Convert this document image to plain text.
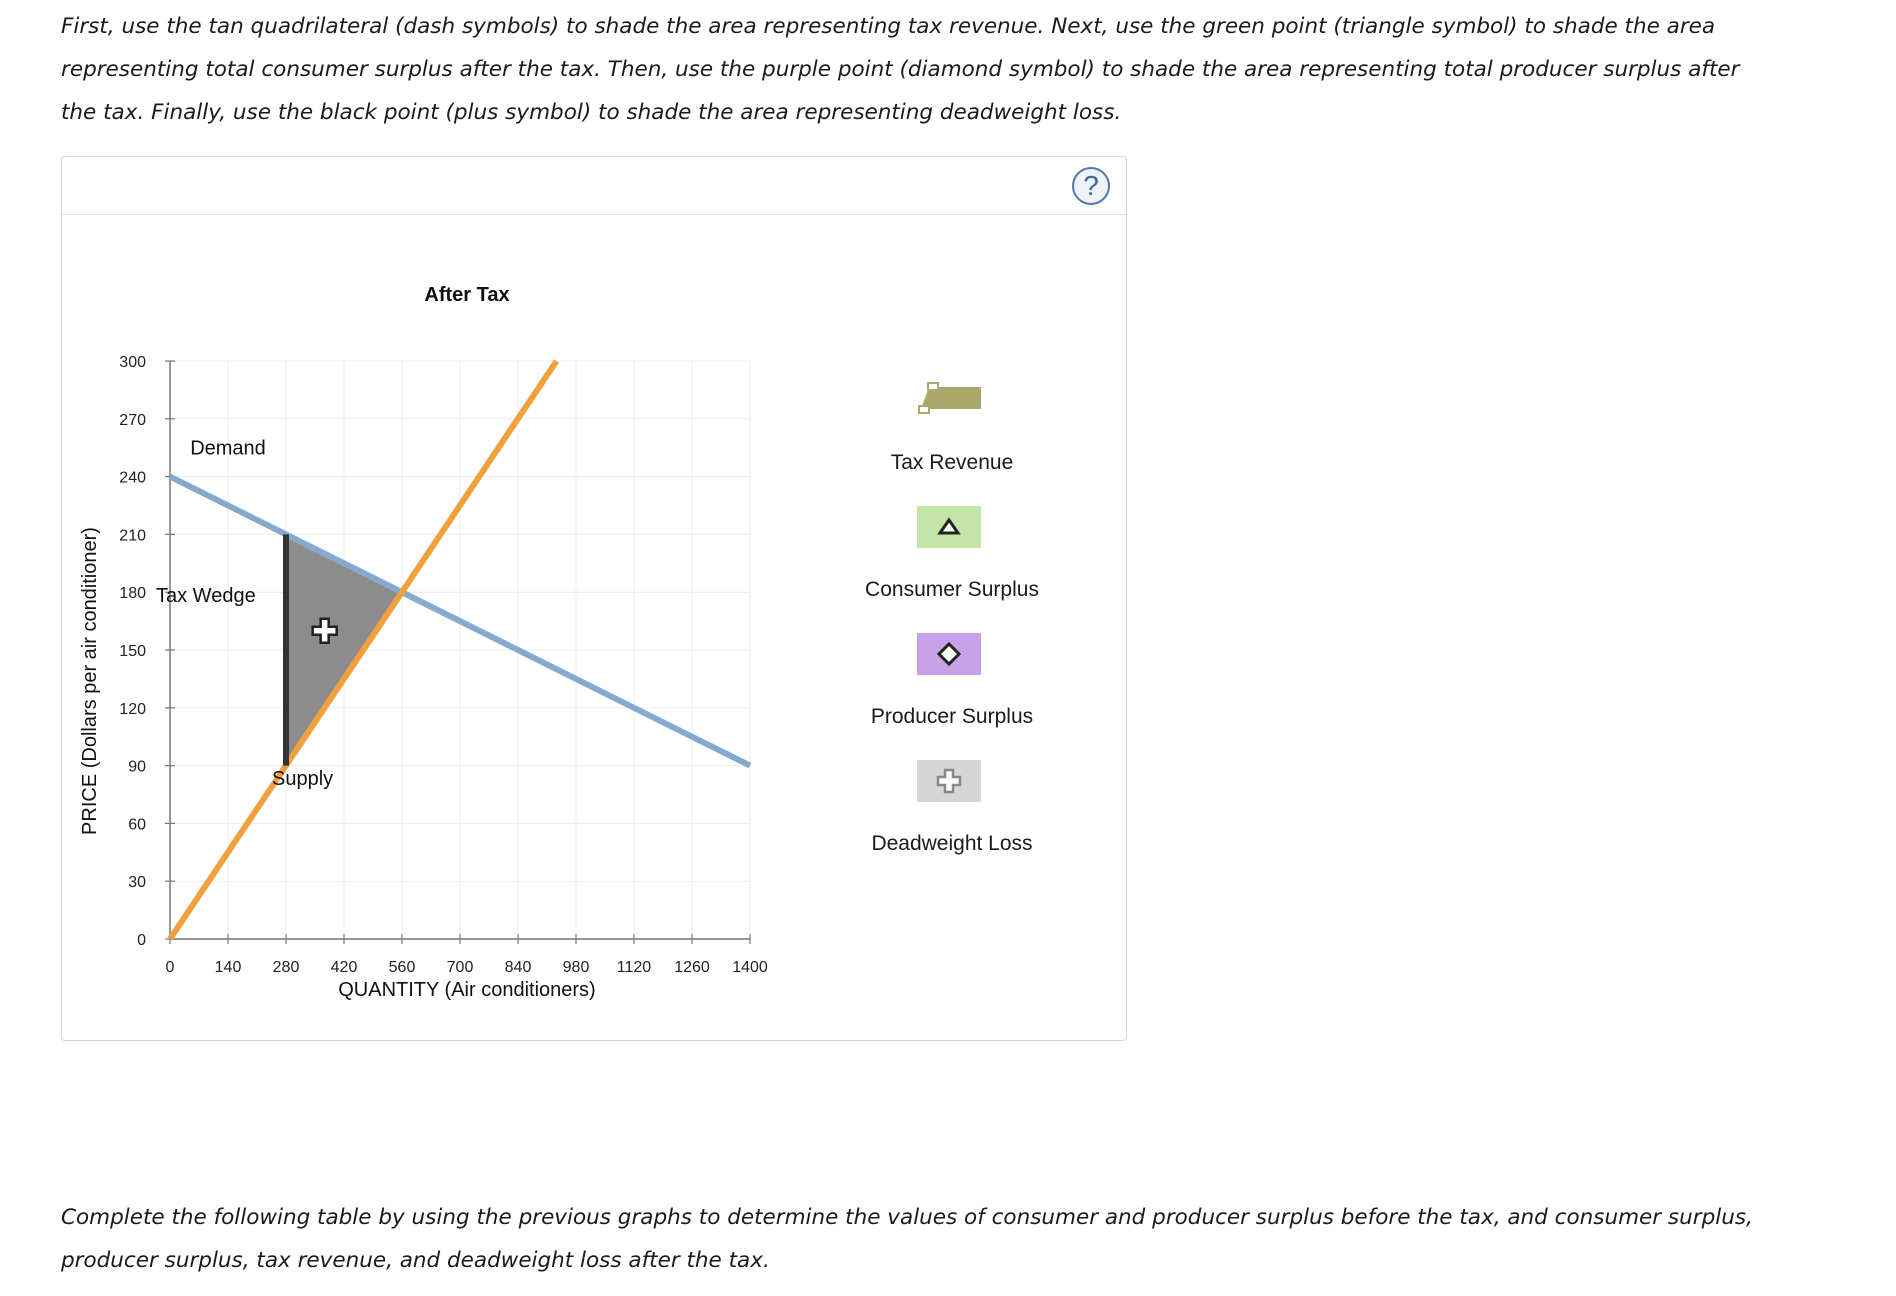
First, use the tan quadrilateral (dash symbols) to shade the area representing tax revenue. Next, use the green point (triangle symbol) to shade the area representing total consumer surplus after the tax. Then, use the purple point (diamond symbol) to shade the area representing total producer surplus after the tax. Finally, use the black point (plus symbol) to shade the area representing deadweight loss.
?
After Tax
0
30
60
90
120
150
180
210
240
270
300
0	140 280 420 560 700 840 980 1120 1260 1400
Demand
Tax Wedge
Supply
QUANTITY (Air conditioners)
PRICE (Dollars per air conditioner)
Tax Revenue
Consumer Surplus
Producer Surplus
Deadweight Loss
Complete the following table by using the previous graphs to determine the values of consumer and producer surplus before the tax, and consumer surplus, producer surplus, tax revenue, and deadweight loss after the tax.
